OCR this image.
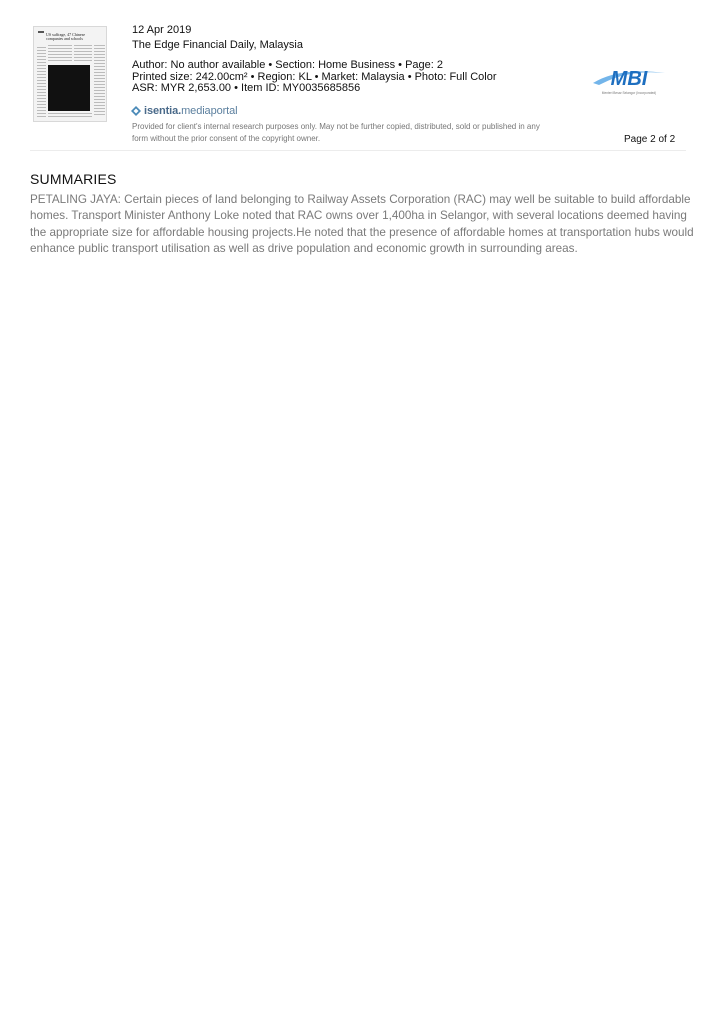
US suffrage, 47 Chinese companies and schools
12 Apr 2019
The Edge Financial Daily, Malaysia
Author: No author available • Section: Home Business • Page: 2
Printed size: 242.00cm² • Region: KL • Market: Malaysia • Photo: Full Color
ASR: MYR 2,653.00 • Item ID: MY0035685856
isentia.mediaportal
Provided for client's internal research purposes only. May not be further copied, distributed, sold or published in any form without the prior consent of the copyright owner.
MBI
Menteri Besar Selangor (Incorporated)
Page 2 of 2
SUMMARIES
PETALING JAYA: Certain pieces of land belonging to Railway Assets Corporation (RAC) may well be suitable to build affordable homes. Transport Minister Anthony Loke noted that RAC owns over 1,400ha in Selangor, with several locations deemed having the appropriate size for affordable housing projects.He noted that the presence of affordable homes at transportation hubs would enhance public transport utilisation as well as drive population and economic growth in surrounding areas.
